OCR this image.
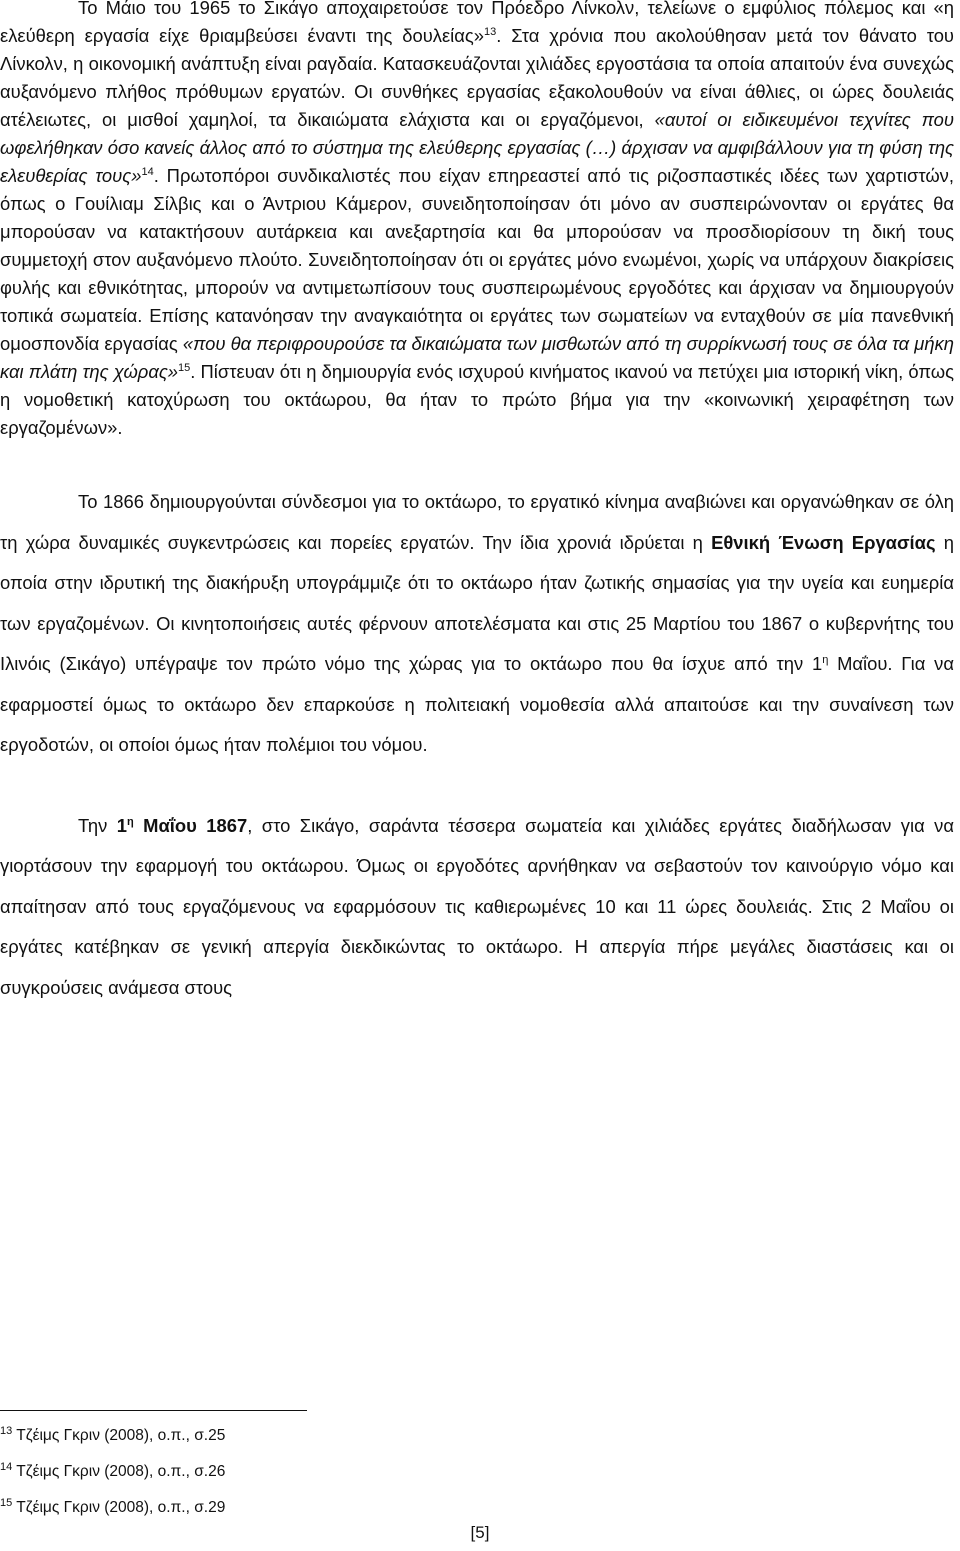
Το Μάιο του 1965 το Σικάγο αποχαιρετούσε τον Πρόεδρο Λίνκολν, τελείωνε ο εμφύλιος πόλεμος και «η ελεύθερη εργασία είχε θριαμβεύσει έναντι της δουλείας»$^{13}$. Στα χρόνια που ακολούθησαν μετά τον θάνατο του Λίνκολν, η οικονομική ανάπτυξη είναι ραγδαία. Κατασκευάζονται χιλιάδες εργοστάσια τα οποία απαιτούν ένα συνεχώς αυξανόμενο πλήθος πρόθυμων εργατών. Οι συνθήκες εργασίας εξακολουθούν να είναι άθλιες, οι ώρες δουλειάς ατέλειωτες, οι μισθοί χαμηλοί, τα δικαιώματα ελάχιστα και οι εργαζόμενοι, «αυτοί οι ειδικευμένοι τεχνίτες που ωφελήθηκαν όσο κανείς άλλος από το σύστημα της ελεύθερης εργασίας (…) άρχισαν να αμφιβάλλουν για τη φύση της ελευθερίας τους»$^{14}$. Πρωτοπόροι συνδικαλιστές που είχαν επηρεαστεί από τις ριζοσπαστικές ιδέες των χαρτιστών, όπως ο Γουίλιαμ Σίλβις και ο Άντριου Κάμερον, συνειδητοποίησαν ότι μόνο αν συσπειρώνονταν οι εργάτες θα μπορούσαν να κατακτήσουν αυτάρκεια και ανεξαρτησία και θα μπορούσαν να προσδιορίσουν τη δική τους συμμετοχή στον αυξανόμενο πλούτο. Συνειδητοποίησαν ότι οι εργάτες μόνο ενωμένοι, χωρίς να υπάρχουν διακρίσεις φυλής και εθνικότητας, μπορούν να αντιμετωπίσουν τους συσπειρωμένους εργοδότες και άρχισαν να δημιουργούν τοπικά σωματεία. Επίσης κατανόησαν την αναγκαιότητα οι εργάτες των σωματείων να ενταχθούν σε μία πανεθνική ομοσπονδία εργασίας «που θα περιφρουρούσε τα δικαιώματα των μισθωτών από τη συρρίκνωσή τους σε όλα τα μήκη και πλάτη της χώρας»$^{15}$. Πίστευαν ότι η δημιουργία ενός ισχυρού κινήματος ικανού να πετύχει μια ιστορική νίκη, όπως η νομοθετική κατοχύρωση του οκτάωρου, θα ήταν το πρώτο βήμα για την «κοινωνική χειραφέτηση των εργαζομένων».

Το 1866 δημιουργούνται σύνδεσμοι για το οκτάωρο, το εργατικό κίνημα αναβιώνει και οργανώθηκαν σε όλη τη χώρα δυναμικές συγκεντρώσεις και πορείες εργατών. Την ίδια χρονιά ιδρύεται η Εθνική Ένωση Εργασίας η οποία στην ιδρυτική της διακήρυξη υπογράμμιζε ότι το οκτάωρο ήταν ζωτικής σημασίας για την υγεία και ευημερία των εργαζομένων. Οι κινητοποιήσεις αυτές φέρνουν αποτελέσματα και στις 25 Μαρτίου του 1867 ο κυβερνήτης του Ιλινόις (Σικάγο) υπέγραψε τον πρώτο νόμο της χώρας για το οκτάωρο που θα ίσχυε από την $1^\eta$ Μαΐου. Για να εφαρμοστεί όμως το οκτάωρο δεν επαρκούσε η πολιτειακή νομοθεσία αλλά απαιτούσε και την συναίνεση των εργοδοτών, οι οποίοι όμως ήταν πολέμιοι του νόμου.

Την $1^\eta$ Μαΐου 1867, στο Σικάγο, σαράντα τέσσερα σωματεία και χιλιάδες εργάτες διαδήλωσαν για να γιορτάσουν την εφαρμογή του οκτάωρου. Όμως οι εργοδότες αρνήθηκαν να σεβαστούν τον καινούργιο νόμο και απαίτησαν από τους εργαζόμενους να εφαρμόσουν τις καθιερωμένες 10 και 11 ώρες δουλειάς. Στις 2 Μαΐου οι εργάτες κατέβηκαν σε γενική απεργία διεκδικώντας το οκτάωρο. Η απεργία πήρε μεγάλες διαστάσεις και οι συγκρούσεις ανάμεσα στους

$^{13}$ Τζέιμς Γκριν (2008), ο.π., σ.25
$^{14}$ Τζέιμς Γκριν (2008), ο.π., σ.26
$^{15}$ Τζέιμς Γκριν (2008), ο.π., σ.29
[5]
